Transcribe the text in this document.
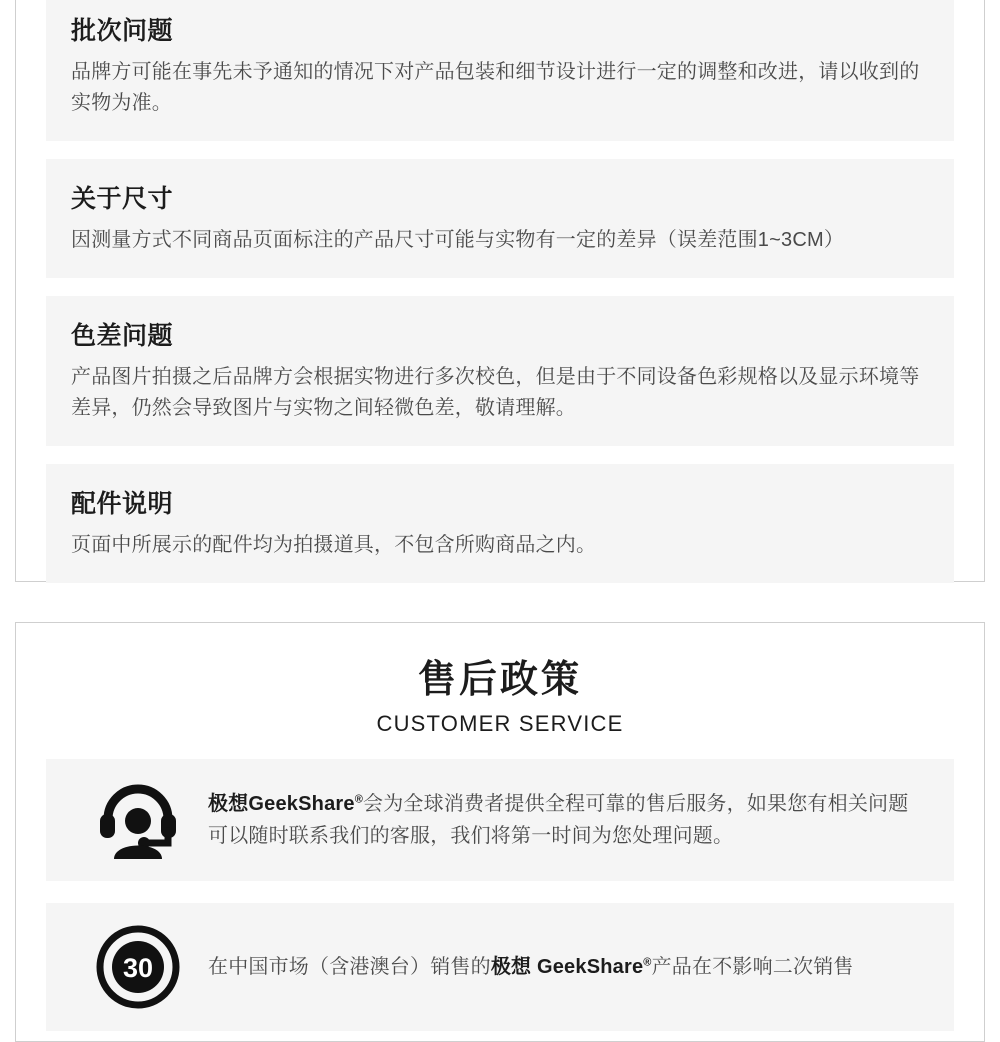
批次问题

品牌方可能在事先未予通知的情况下对产品包装和细节设计进行一定的调整和改进，请以收到的实物为准。

关于尺寸

因测量方式不同商品页面标注的产品尺寸可能与实物有一定的差异（误差范围1~3CM）

色差问题

产品图片拍摄之后品牌方会根据实物进行多次校色，但是由于不同设备色彩规格以及显示环境等差异，仍然会导致图片与实物之间轻微色差，敬请理解。

配件说明

页面中所展示的配件均为拍摄道具，不包含所购商品之内。

售后政策
CUSTOMER SERVICE
极想GeekShare®会为全球消费者提供全程可靠的售后服务，如果您有相关问题可以随时联系我们的客服，我们将第一时间为您处理问题。
30	在中国市场（含港澳台）销售的极想 GeekShare®产品在不影响二次销售
